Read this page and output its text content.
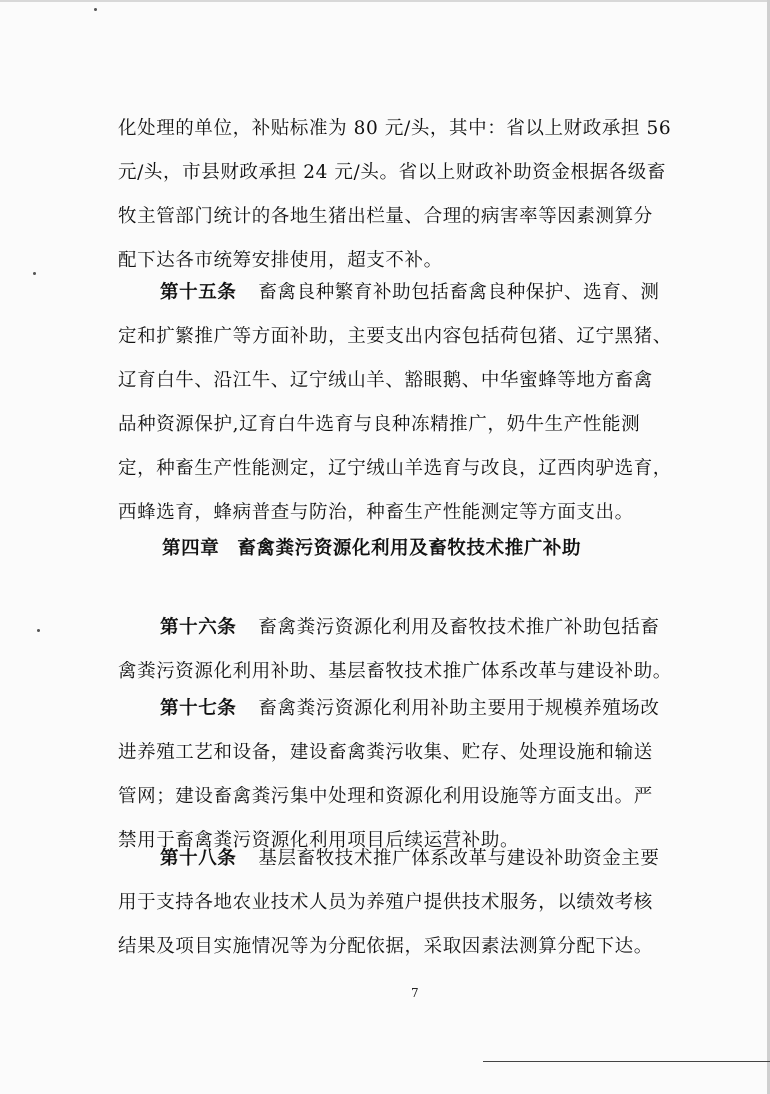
化处理的单位，补贴标准为 80 元/头，其中：省以上财政承担 56
元/头，市县财政承担 24 元/头。省以上财政补助资金根据各级畜
牧主管部门统计的各地生猪出栏量、合理的病害率等因素测算分
配下达各市统筹安排使用，超支不补。
第十五条 畜禽良种繁育补助包括畜禽良种保护、选育、测
定和扩繁推广等方面补助，主要支出内容包括荷包猪、辽宁黑猪、
辽育白牛、沿江牛、辽宁绒山羊、豁眼鹅、中华蜜蜂等地方畜禽
品种资源保护,辽育白牛选育与良种冻精推广，奶牛生产性能测
定，种畜生产性能测定，辽宁绒山羊选育与改良，辽西肉驴选育，
西蜂选育，蜂病普查与防治，种畜生产性能测定等方面支出。
第四章 畜禽粪污资源化利用及畜牧技术推广补助
第十六条 畜禽粪污资源化利用及畜牧技术推广补助包括畜
禽粪污资源化利用补助、基层畜牧技术推广体系改革与建设补助。
第十七条 畜禽粪污资源化利用补助主要用于规模养殖场改
进养殖工艺和设备，建设畜禽粪污收集、贮存、处理设施和输送
管网；建设畜禽粪污集中处理和资源化利用设施等方面支出。严
禁用于畜禽粪污资源化利用项目后续运营补助。
第十八条 基层畜牧技术推广体系改革与建设补助资金主要
用于支持各地农业技术人员为养殖户提供技术服务，以绩效考核
结果及项目实施情况等为分配依据，采取因素法测算分配下达。
7
